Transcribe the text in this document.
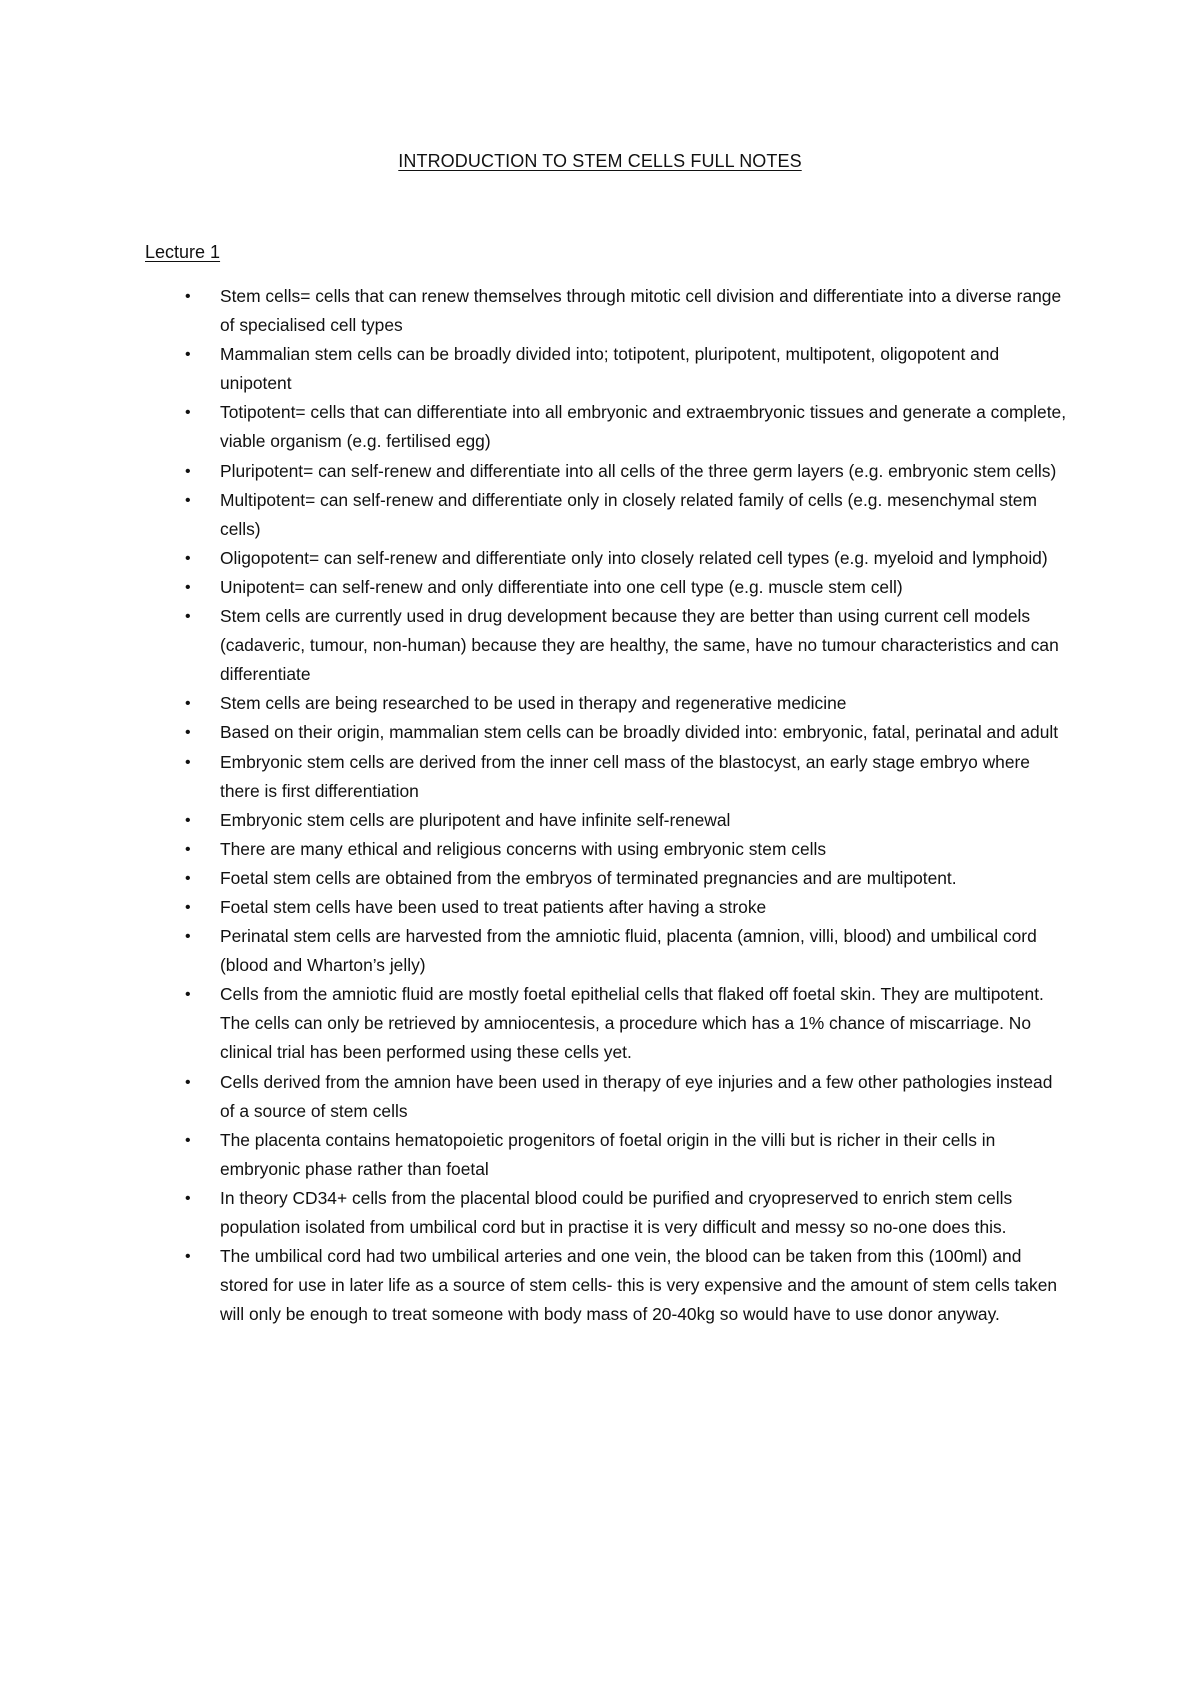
INTRODUCTION TO STEM CELLS FULL NOTES
Lecture 1
• Stem cells= cells that can renew themselves through mitotic cell division and differentiate into a diverse range of specialised cell types
• Mammalian stem cells can be broadly divided into; totipotent, pluripotent, multipotent, oligopotent and unipotent
• Totipotent= cells that can differentiate into all embryonic and extraembryonic tissues and generate a complete, viable organism (e.g. fertilised egg)
• Pluripotent= can self-renew and differentiate into all cells of the three germ layers (e.g. embryonic stem cells)
• Multipotent= can self-renew and differentiate only in closely related family of cells (e.g. mesenchymal stem cells)
• Oligopotent= can self-renew and differentiate only into closely related cell types (e.g. myeloid and lymphoid)
• Unipotent= can self-renew and only differentiate into one cell type (e.g. muscle stem cell)
• Stem cells are currently used in drug development because they are better than using current cell models (cadaveric, tumour, non-human) because they are healthy, the same, have no tumour characteristics and can differentiate
• Stem cells are being researched to be used in therapy and regenerative medicine
• Based on their origin, mammalian stem cells can be broadly divided into: embryonic, fatal, perinatal and adult
• Embryonic stem cells are derived from the inner cell mass of the blastocyst, an early stage embryo where there is first differentiation
• Embryonic stem cells are pluripotent and have infinite self-renewal
• There are many ethical and religious concerns with using embryonic stem cells
• Foetal stem cells are obtained from the embryos of terminated pregnancies and are multipotent.
• Foetal stem cells have been used to treat patients after having a stroke
• Perinatal stem cells are harvested from the amniotic fluid, placenta (amnion, villi, blood) and umbilical cord (blood and Wharton’s jelly)
• Cells from the amniotic fluid are mostly foetal epithelial cells that flaked off foetal skin. They are multipotent. The cells can only be retrieved by amniocentesis, a procedure which has a 1% chance of miscarriage. No clinical trial has been performed using these cells yet.
• Cells derived from the amnion have been used in therapy of eye injuries and a few other pathologies instead of a source of stem cells
• The placenta contains hematopoietic progenitors of foetal origin in the villi but is richer in their cells in embryonic phase rather than foetal
• In theory CD34+ cells from the placental blood could be purified and cryopreserved to enrich stem cells population isolated from umbilical cord but in practise it is very difficult and messy so no-one does this.
• The umbilical cord had two umbilical arteries and one vein, the blood can be taken from this (100ml) and stored for use in later life as a source of stem cells- this is very expensive and the amount of stem cells taken will only be enough to treat someone with body mass of 20-40kg so would have to use donor anyway.
